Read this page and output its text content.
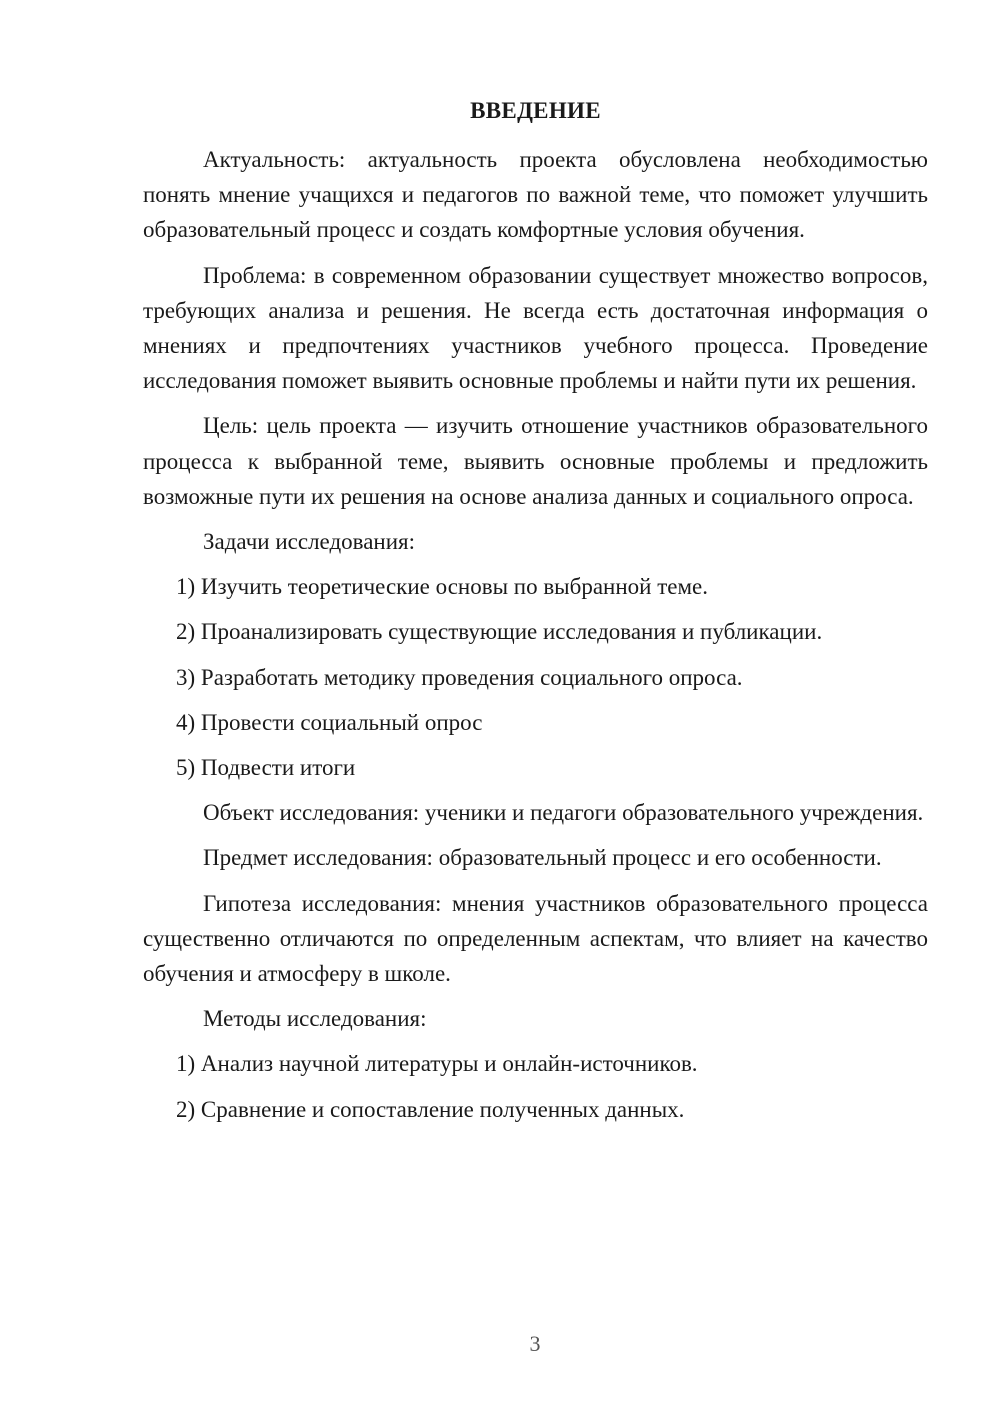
ВВЕДЕНИЕ

Актуальность: актуальность проекта обусловлена необходимостью понять мнение учащихся и педагогов по важной теме, что поможет улучшить образовательный процесс и создать комфортные условия обучения.

Проблема: в современном образовании существует множество вопросов, требующих анализа и решения. Не всегда есть достаточная информация о мнениях и предпочтениях участников учебного процесса. Проведение исследования поможет выявить основные проблемы и найти пути их решения.

Цель: цель проекта — изучить отношение участников образовательного процесса к выбранной теме, выявить основные проблемы и предложить возможные пути их решения на основе анализа данных и социального опроса.

Задачи исследования:

1) Изучить теоретические основы по выбранной теме.
2) Проанализировать существующие исследования и публикации.
3) Разработать методику проведения социального опроса.
4) Провести социальный опрос
5) Подвести итоги

Объект исследования: ученики и педагоги образовательного учреждения.

Предмет исследования: образовательный процесс и его особенности.

Гипотеза исследования: мнения участников образовательного процесса существенно отличаются по определенным аспектам, что влияет на качество обучения и атмосферу в школе.

Методы исследования:

1) Анализ научной литературы и онлайн-источников.
2) Сравнение и сопоставление полученных данных.
3
